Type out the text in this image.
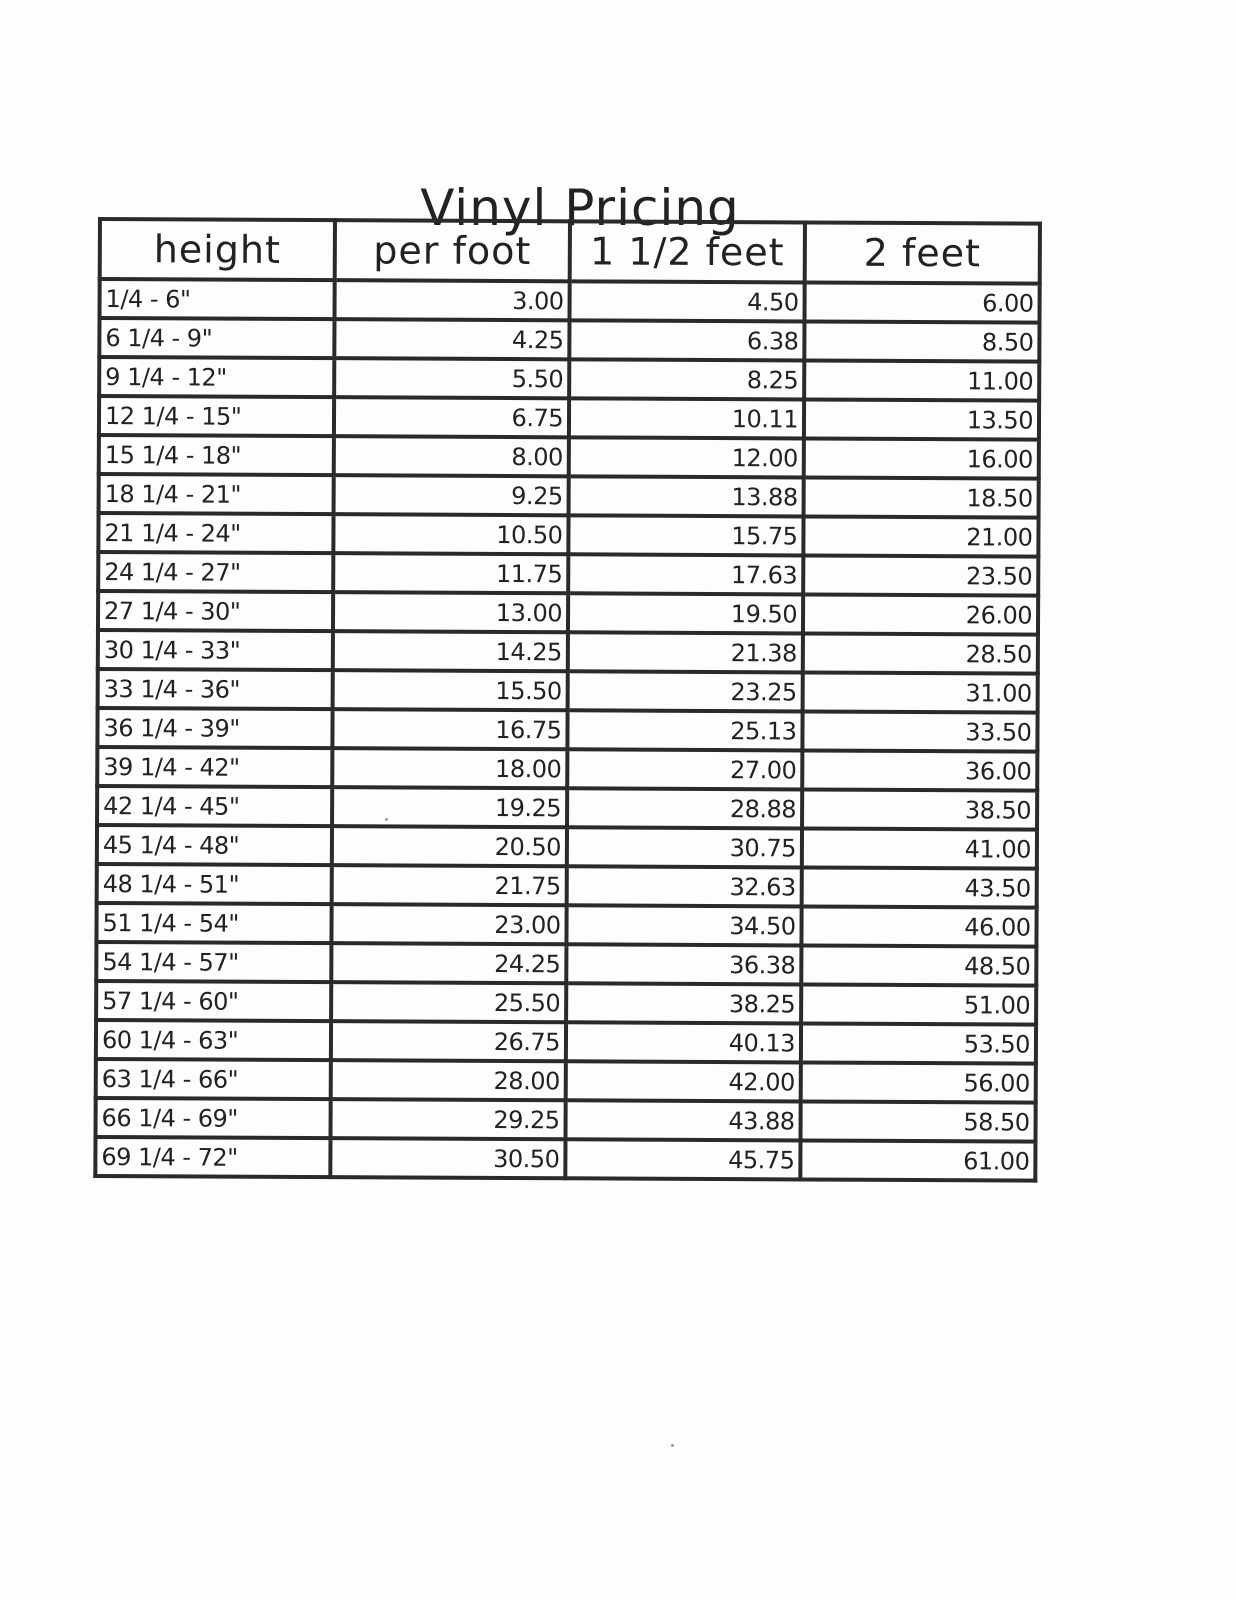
Vinyl Pricing
height	per foot	1 1/2 feet	2 feet
1/4 - 6"	3.00	4.50	6.00
6 1/4 - 9"	4.25	6.38	8.50
9 1/4 - 12"	5.50	8.25	11.00
12 1/4 - 15"	6.75	10.11	13.50
15 1/4 - 18"	8.00	12.00	16.00
18 1/4 - 21"	9.25	13.88	18.50
21 1/4 - 24"	10.50	15.75	21.00
24 1/4 - 27"	11.75	17.63	23.50
27 1/4 - 30"	13.00	19.50	26.00
30 1/4 - 33"	14.25	21.38	28.50
33 1/4 - 36"	15.50	23.25	31.00
36 1/4 - 39"	16.75	25.13	33.50
39 1/4 - 42"	18.00	27.00	36.00
42 1/4 - 45"	19.25	28.88	38.50
45 1/4 - 48"	20.50	30.75	41.00
48 1/4 - 51"	21.75	32.63	43.50
51 1/4 - 54"	23.00	34.50	46.00
54 1/4 - 57"	24.25	36.38	48.50
57 1/4 - 60"	25.50	38.25	51.00
60 1/4 - 63"	26.75	40.13	53.50
63 1/4 - 66"	28.00	42.00	56.00
66 1/4 - 69"	29.25	43.88	58.50
69 1/4 - 72"	30.50	45.75	61.00
